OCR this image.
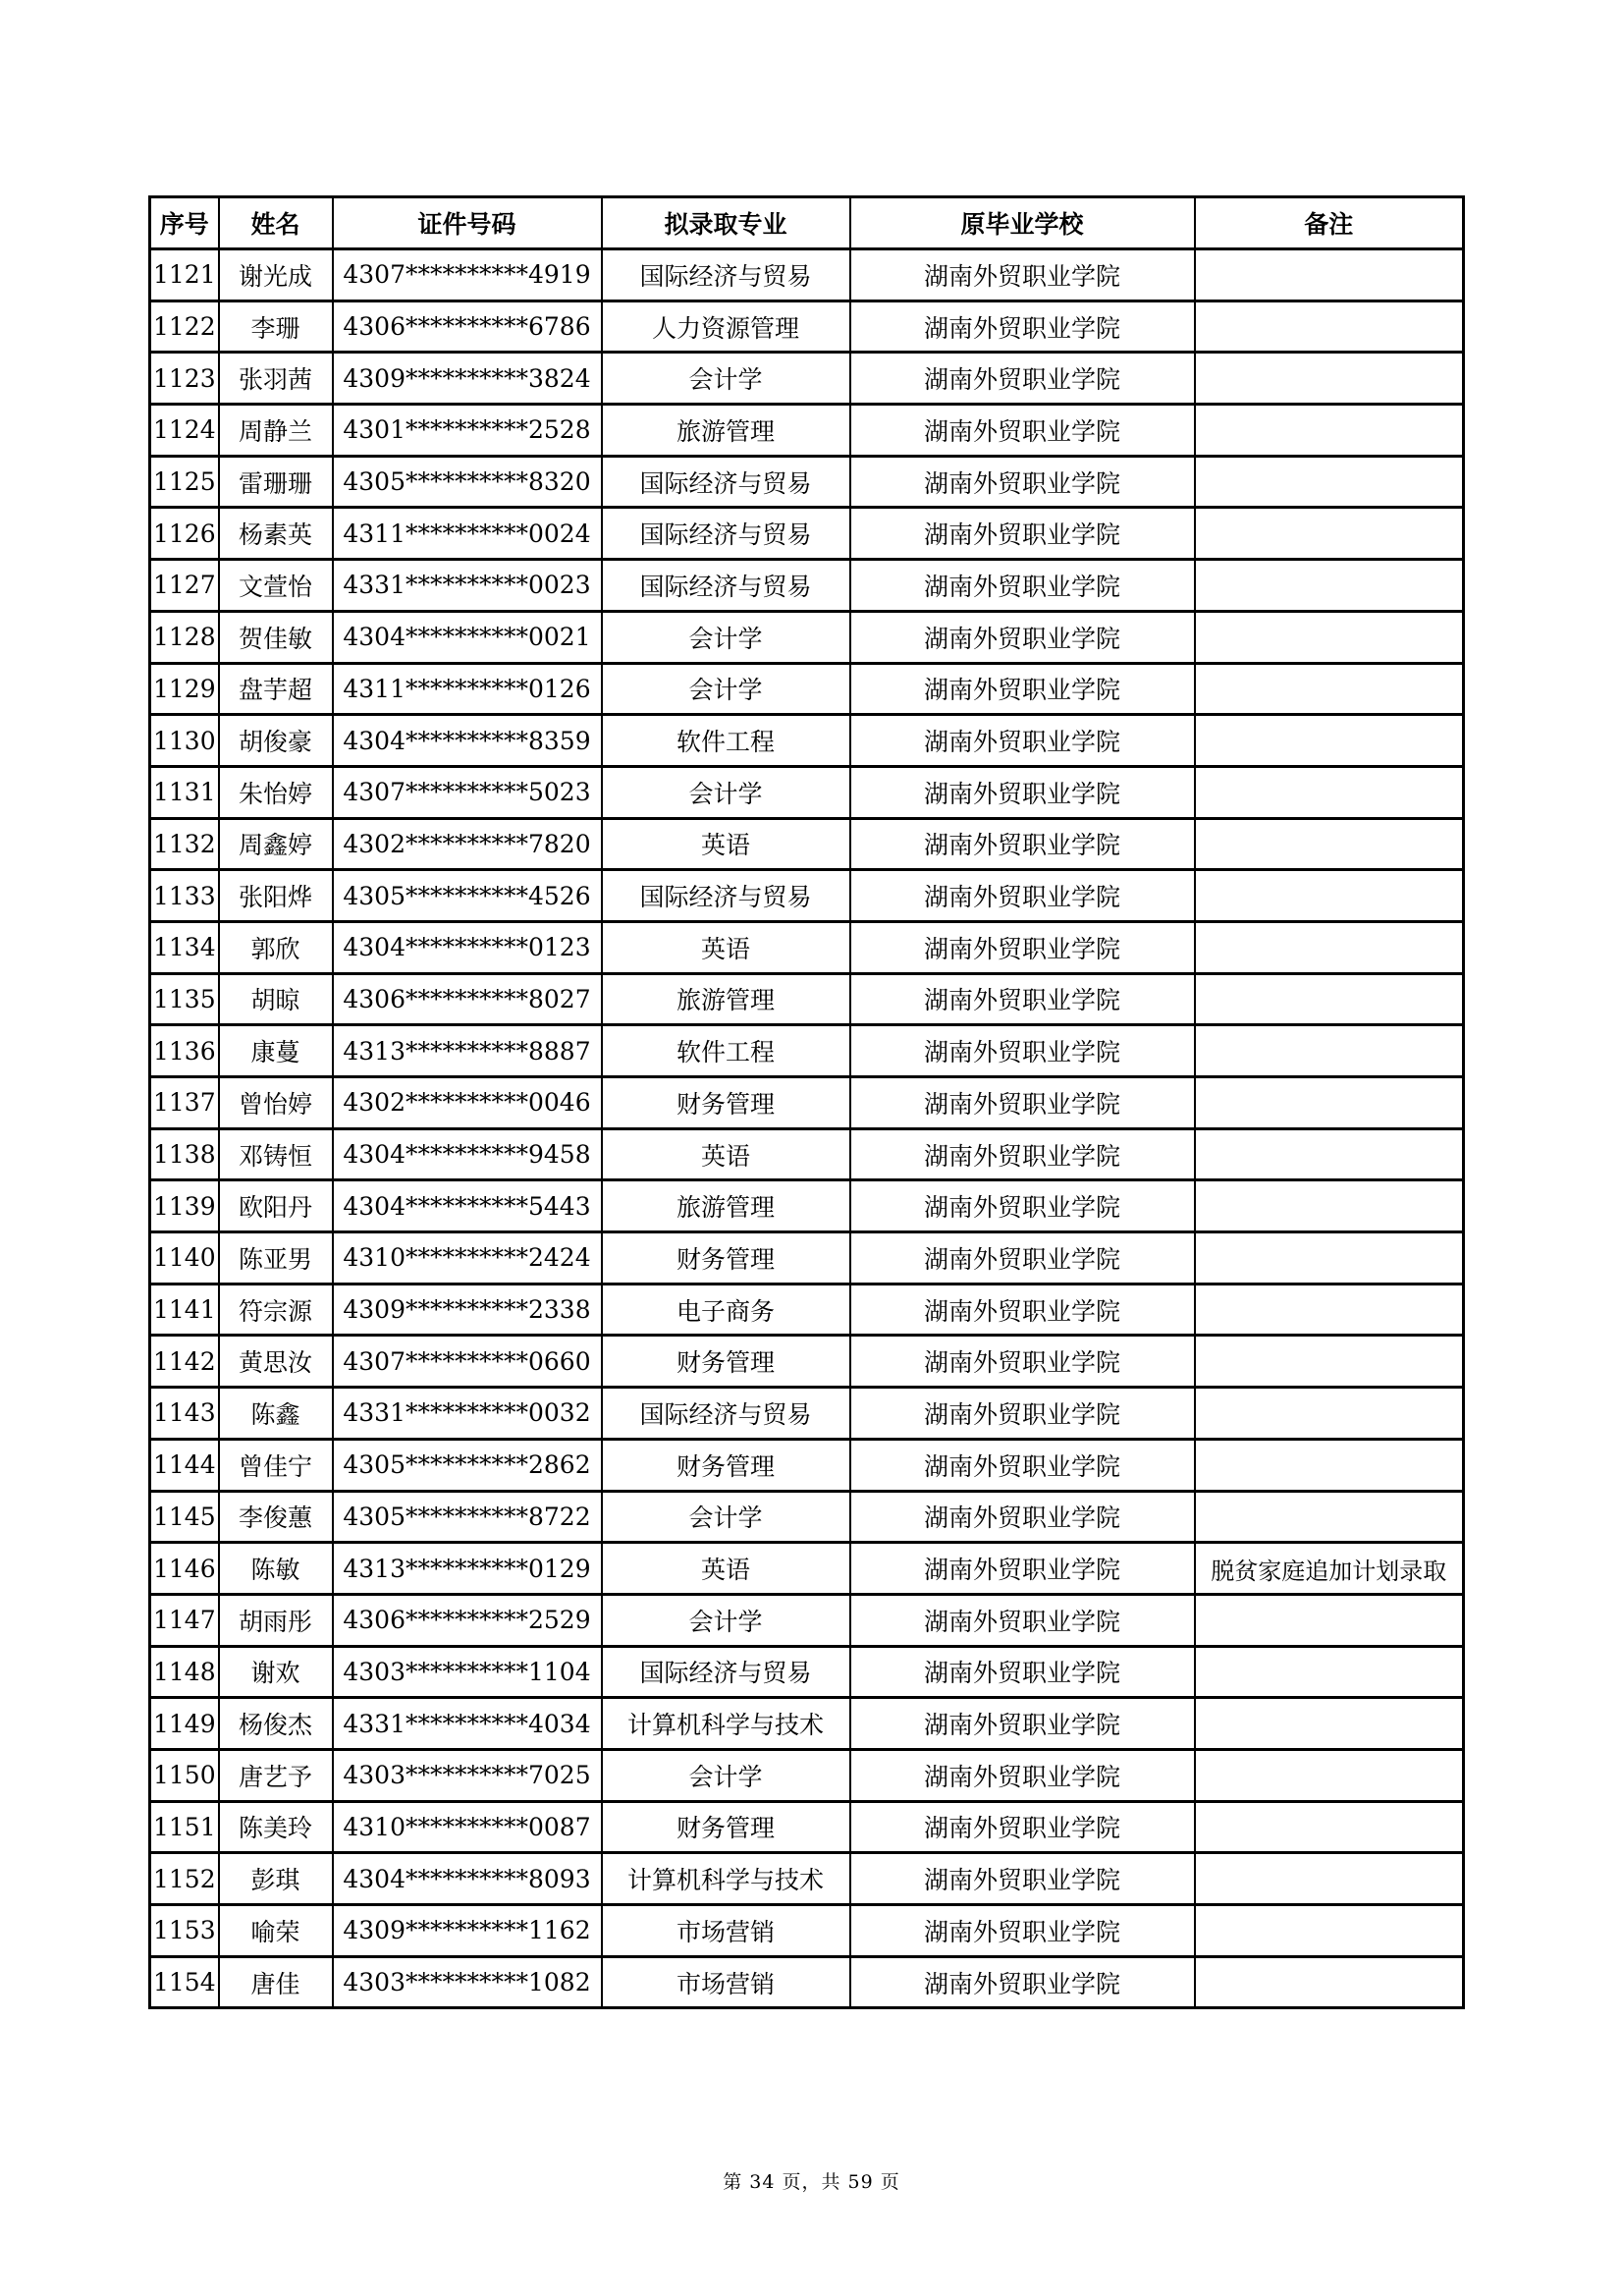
序号	姓名	证件号码	拟录取专业	原毕业学校	备注
1121	谢光成	4307**********4919	国际经济与贸易	湖南外贸职业学院	
1122	李珊	4306**********6786	人力资源管理	湖南外贸职业学院	
1123	张羽茜	4309**********3824	会计学	湖南外贸职业学院	
1124	周静兰	4301**********2528	旅游管理	湖南外贸职业学院	
1125	雷珊珊	4305**********8320	国际经济与贸易	湖南外贸职业学院	
1126	杨素英	4311**********0024	国际经济与贸易	湖南外贸职业学院	
1127	文萱怡	4331**********0023	国际经济与贸易	湖南外贸职业学院	
1128	贺佳敏	4304**********0021	会计学	湖南外贸职业学院	
1129	盘芋超	4311**********0126	会计学	湖南外贸职业学院	
1130	胡俊豪	4304**********8359	软件工程	湖南外贸职业学院	
1131	朱怡婷	4307**********5023	会计学	湖南外贸职业学院	
1132	周鑫婷	4302**********7820	英语	湖南外贸职业学院	
1133	张阳烨	4305**********4526	国际经济与贸易	湖南外贸职业学院	
1134	郭欣	4304**********0123	英语	湖南外贸职业学院	
1135	胡晾	4306**********8027	旅游管理	湖南外贸职业学院	
1136	康蔓	4313**********8887	软件工程	湖南外贸职业学院	
1137	曾怡婷	4302**********0046	财务管理	湖南外贸职业学院	
1138	邓铸恒	4304**********9458	英语	湖南外贸职业学院	
1139	欧阳丹	4304**********5443	旅游管理	湖南外贸职业学院	
1140	陈亚男	4310**********2424	财务管理	湖南外贸职业学院	
1141	符宗源	4309**********2338	电子商务	湖南外贸职业学院	
1142	黄思汝	4307**********0660	财务管理	湖南外贸职业学院	
1143	陈鑫	4331**********0032	国际经济与贸易	湖南外贸职业学院	
1144	曾佳宁	4305**********2862	财务管理	湖南外贸职业学院	
1145	李俊蕙	4305**********8722	会计学	湖南外贸职业学院	
1146	陈敏	4313**********0129	英语	湖南外贸职业学院	脱贫家庭追加计划录取
1147	胡雨彤	4306**********2529	会计学	湖南外贸职业学院	
1148	谢欢	4303**********1104	国际经济与贸易	湖南外贸职业学院	
1149	杨俊杰	4331**********4034	计算机科学与技术	湖南外贸职业学院	
1150	唐艺予	4303**********7025	会计学	湖南外贸职业学院	
1151	陈美玲	4310**********0087	财务管理	湖南外贸职业学院	
1152	彭琪	4304**********8093	计算机科学与技术	湖南外贸职业学院	
1153	喻荣	4309**********1162	市场营销	湖南外贸职业学院	
1154	唐佳	4303**********1082	市场营销	湖南外贸职业学院	
第 34 页，共 59 页
